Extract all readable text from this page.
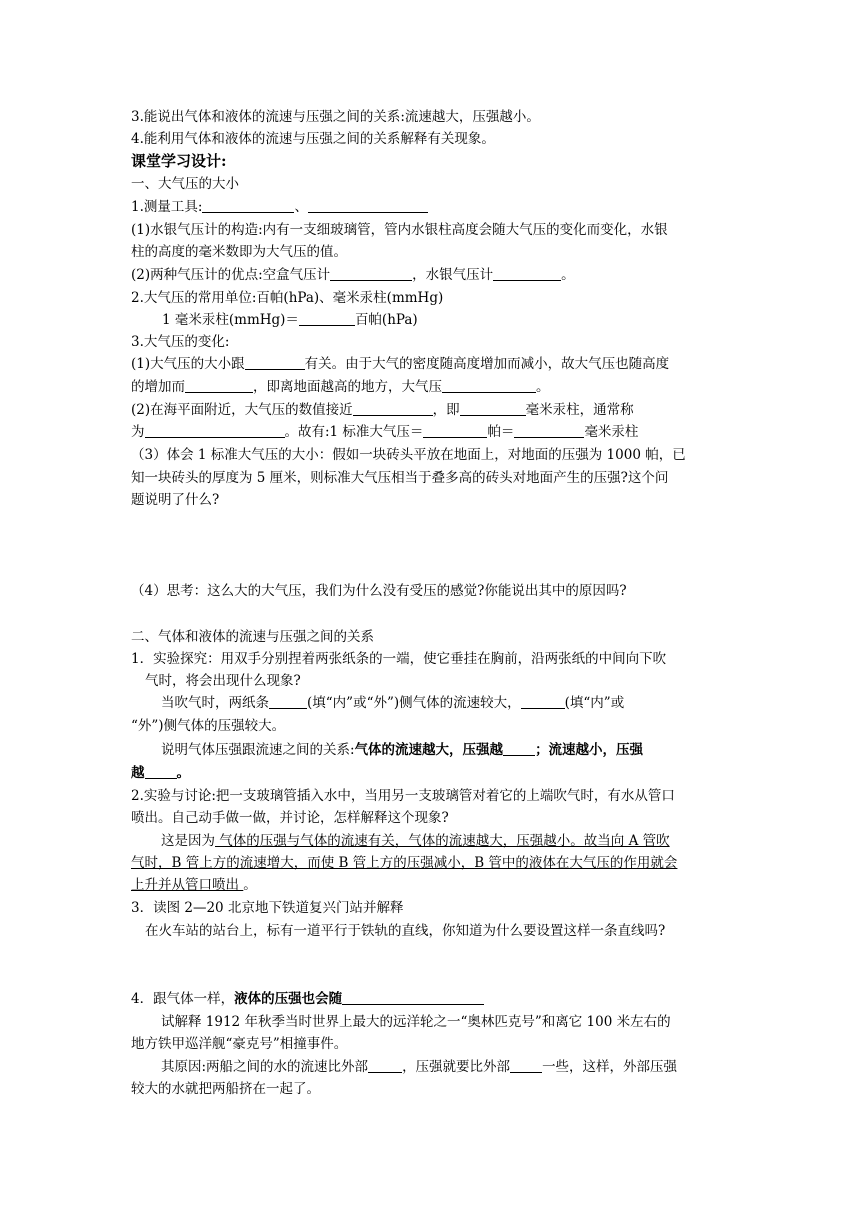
3.能说出气体和液体的流速与压强之间的关系:流速越大，压强越小。
4.能利用气体和液体的流速与压强之间的关系解释有关现象。
课堂学习设计:
一、大气压的大小
1.测量工具:	、
(1)水银气压计的构造:内有一支细玻璃管，管内水银柱高度会随大气压的变化而变化，水银
柱的高度的毫米数即为大气压的值。
(2)两种气压计的优点:空盒气压计	，水银气压计	。
2.大气压的常用单位:百帕(hPa)、毫米汞柱(mmHg)
1 毫米汞柱(mmHg)＝	百帕(hPa)
3.大气压的变化:
(1)大气压的大小跟	有关。由于大气的密度随高度增加而减小，故大气压也随高度
的增加而	，即离地面越高的地方，大气压	。
(2)在海平面附近，大气压的数值接近	，即	毫米汞柱，通常称
为	。故有:1 标准大气压＝	帕＝	毫米汞柱
（3）体会 1 标准大气压的大小：假如一块砖头平放在地面上，对地面的压强为 1000 帕，已
知一块砖头的厚度为 5 厘米，则标准大气压相当于叠多高的砖头对地面产生的压强?这个问
题说明了什么?
（4）思考：这么大的大气压，我们为什么没有受压的感觉?你能说出其中的原因吗?
二、气体和液体的流速与压强之间的关系
1．实验探究：用双手分别捏着两张纸条的一端，使它垂挂在胸前，沿两张纸的中间向下吹
气时，将会出现什么现象?
当吹气时，两纸条	(填“内”或“外”)侧气体的流速较大，	(填“内”或
“外”)侧气体的压强较大。
说明气体压强跟流速之间的关系:气体的流速越大，压强越 ；流速越小，压强
越 。
2.实验与讨论:把一支玻璃管插入水中，当用另一支玻璃管对着它的上端吹气时，有水从管口
喷出。自己动手做一做，并讨论，怎样解释这个现象?
这是因为 气体的压强与气体的流速有关，气体的流速越大，压强越小。故当向 A 管吹
气时，B 管上方的流速增大，而使 B 管上方的压强减小，B 管中的液体在大气压的作用就会
上升并从管口喷出 。
3．读图 2—20 北京地下铁道复兴门站并解释
在火车站的站台上，标有一道平行于铁轨的直线，你知道为什么要设置这样一条直线吗?
4．跟气体一样，液体的压强也会随
试解释 1912 年秋季当时世界上最大的远洋轮之一“奥林匹克号”和离它 100 米左右的
地方铁甲巡洋舰“豪克号”相撞事件。
其原因:两船之间的水的流速比外部	，压强就要比外部 一些，这样，外部压强
较大的水就把两船挤在一起了。
